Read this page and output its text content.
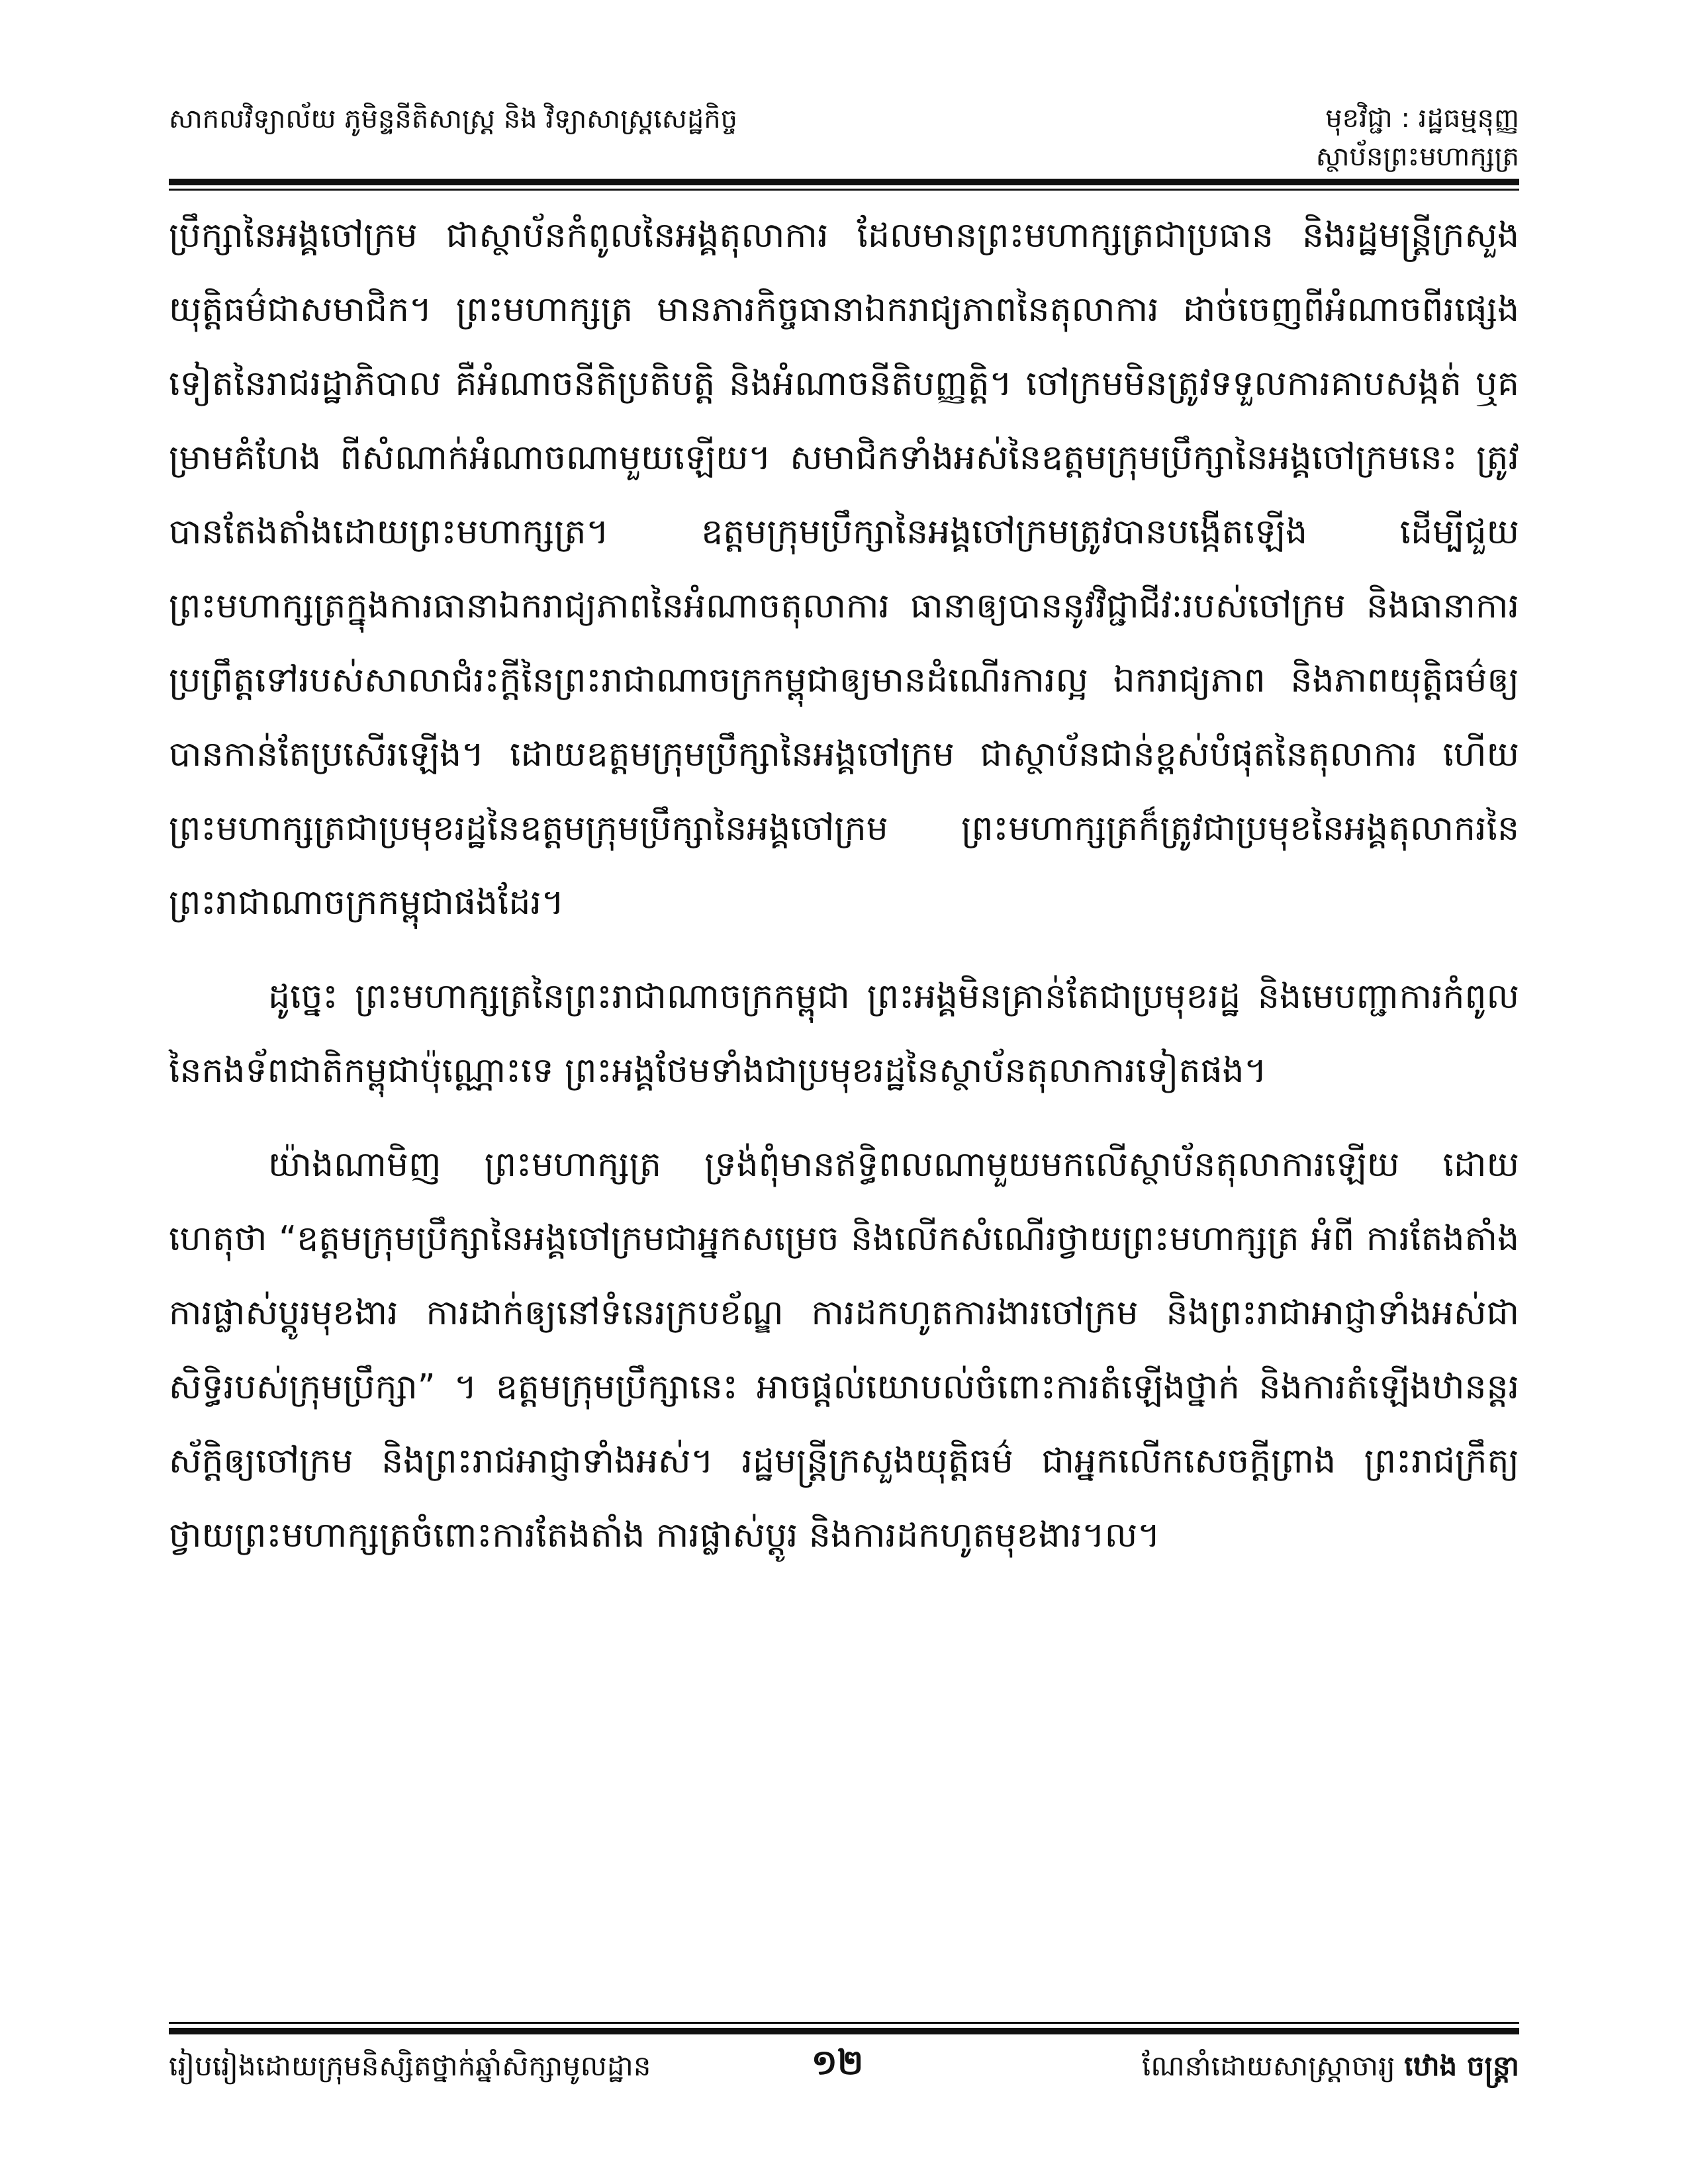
សាកលវិទ្យាល័យ ភូមិន្ទនីតិសាស្ត្រ និង វិទ្យាសាស្ត្រសេដ្ឋកិច្ច	មុខវិជ្ជា : រដ្ឋធម្មនុញ្ញ
ស្ថាប័នព្រះមហាក្សត្រ

ប្រឹក្សានៃអង្គចៅក្រម ជាស្ថាប័នកំពូលនៃអង្គតុលាការ ដែលមានព្រះមហាក្សត្រជាប្រធាន និងរដ្ឋមន្ត្រីក្រសួងយុត្តិធម៌ជាសមាជិក។ ព្រះមហាក្សត្រ មានភារកិច្ចធានាឯករាជ្យភាពនៃតុលាការ ដាច់ចេញពីអំណាចពីរផ្សេងទៀតនៃរាជរដ្ឋាភិបាល គឺអំណាចនីតិប្រតិបត្តិ និងអំណាចនីតិបញ្ញត្តិ។ ចៅក្រមមិនត្រូវទទួលការគាបសង្កត់ ឬគម្រាមគំហែង ពីសំណាក់អំណាចណាមួយឡើយ។ សមាជិកទាំងអស់នៃឧត្តមក្រុមប្រឹក្សានៃអង្គចៅក្រមនេះ ត្រូវបានតែងតាំងដោយព្រះមហាក្សត្រ។ ឧត្តមក្រុមប្រឹក្សានៃអង្គចៅក្រមត្រូវបានបង្កើតឡើង ដើម្បីជួយព្រះមហាក្សត្រក្នុងការធានាឯករាជ្យភាពនៃអំណាចតុលាការ ធានាឲ្យបាននូវវិជ្ជាជីវៈរបស់ចៅក្រម និងធានាការប្រព្រឹត្តទៅរបស់សាលាជំរះក្តីនៃព្រះរាជាណាចក្រកម្ពុជាឲ្យមានដំណើរការល្អ ឯករាជ្យភាព និងភាពយុត្តិធម៌ឲ្យបានកាន់តែប្រសើរឡើង។ ដោយឧត្តមក្រុមប្រឹក្សានៃអង្គចៅក្រម ជាស្ថាប័នជាន់ខ្ពស់បំផុតនៃតុលាការ ហើយព្រះមហាក្សត្រជាប្រមុខរដ្ឋនៃឧត្តមក្រុមប្រឹក្សានៃអង្គចៅក្រម ព្រះមហាក្សត្រក៏ត្រូវជាប្រមុខនៃអង្គតុលាករនៃព្រះរាជាណាចក្រកម្ពុជាផងដែរ។

ដូច្នេះ ព្រះមហាក្សត្រនៃព្រះរាជាណាចក្រកម្ពុជា ព្រះអង្គមិនគ្រាន់តែជាប្រមុខរដ្ឋ និងមេបញ្ជាការកំពូលនៃកងទ័ពជាតិកម្ពុជាប៉ុណ្ណោះទេ ព្រះអង្គថែមទាំងជាប្រមុខរដ្ឋនៃស្ថាប័នតុលាការទៀតផង។

យ៉ាងណាមិញ ព្រះមហាក្សត្រ ទ្រង់ពុំមានឥទ្ធិពលណាមួយមកលើស្ថាប័នតុលាការឡើយ ដោយហេតុថា “ឧត្តមក្រុមប្រឹក្សានៃអង្គចៅក្រមជាអ្នកសម្រេច និងលើកសំណើរថ្វាយព្រះមហាក្សត្រ អំពី ការតែងតាំង ការផ្លាស់ប្តូរមុខងារ ការដាក់ឲ្យនៅទំនេរក្របខ័ណ្ឌ ការដកហូតការងារចៅក្រម និងព្រះរាជាអាជ្ញាទាំងអស់ជាសិទ្ធិរបស់ក្រុមប្រឹក្សា” ។ ឧត្តមក្រុមប្រឹក្សានេះ អាចផ្តល់យោបល់ចំពោះការតំឡើងថ្នាក់ និងការតំឡើងឋានន្តរស័ក្តិឲ្យចៅក្រម និងព្រះរាជអាជ្ញាទាំងអស់។ រដ្ឋមន្ត្រីក្រសួងយុត្តិធម៌ ជាអ្នកលើកសេចក្តីព្រាង ព្រះរាជក្រឹត្យ ថ្វាយព្រះមហាក្សត្រចំពោះការតែងតាំង ការផ្លាស់ប្តូរ និងការដកហូតមុខងារ។ល។

រៀបរៀងដោយក្រុមនិស្សិតថ្នាក់ឆ្នាំសិក្សាមូលដ្ឋាន	១២	ណែនាំដោយសាស្ត្រាចារ្យ ឋោង ចន្ត្រា
